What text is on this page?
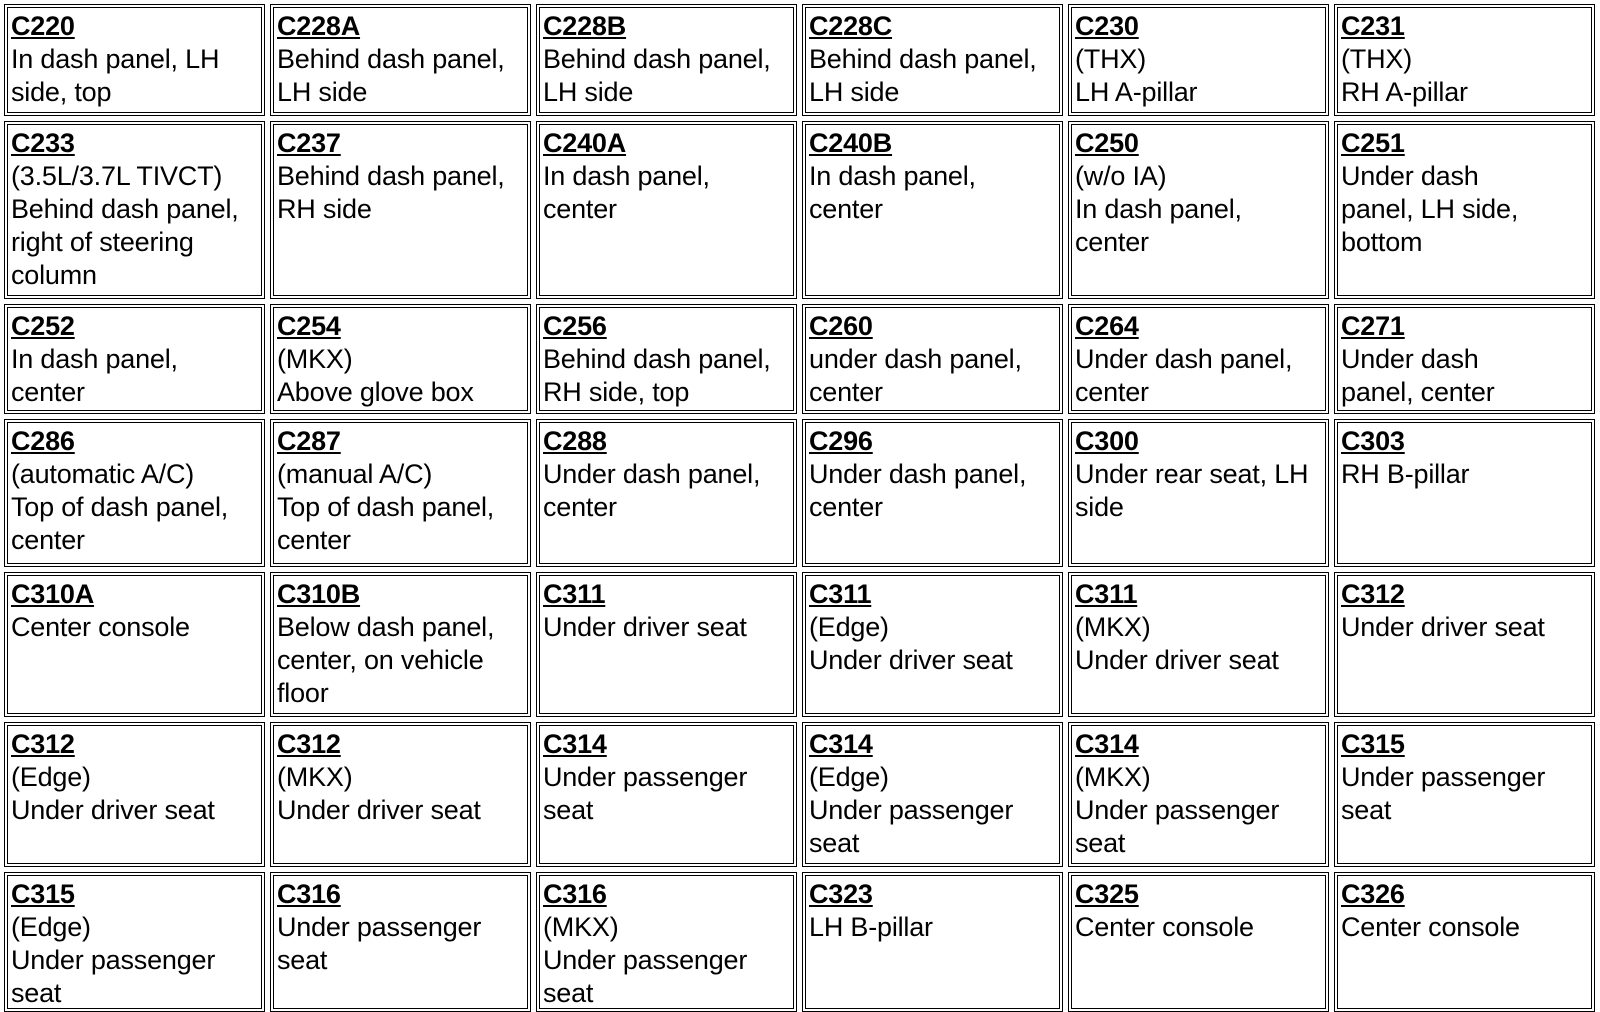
C220
In dash panel, LH
side, top
C228A
Behind dash panel,
LH side
C228B
Behind dash panel,
LH side
C228C
Behind dash panel,
LH side
C230
(THX)
LH A-pillar
C231
(THX)
RH A-pillar
C233
(3.5L/3.7L TIVCT)
Behind dash panel,
right of steering
column
C237
Behind dash panel,
RH side
C240A
In dash panel,
center
C240B
In dash panel,
center
C250
(w/o IA)
In dash panel,
center
C251
Under dash
panel, LH side,
bottom
C252
In dash panel,
center
C254
(MKX)
Above glove box
C256
Behind dash panel,
RH side, top
C260
under dash panel,
center
C264
Under dash panel,
center
C271
Under dash
panel, center
C286
(automatic A/C)
Top of dash panel,
center
C287
(manual A/C)
Top of dash panel,
center
C288
Under dash panel,
center
C296
Under dash panel,
center
C300
Under rear seat, LH
side
C303
RH B-pillar
C310A
Center console
C310B
Below dash panel,
center, on vehicle
floor
C311
Under driver seat
C311
(Edge)
Under driver seat
C311
(MKX)
Under driver seat
C312
Under driver seat
C312
(Edge)
Under driver seat
C312
(MKX)
Under driver seat
C314
Under passenger
seat
C314
(Edge)
Under passenger
seat
C314
(MKX)
Under passenger
seat
C315
Under passenger
seat
C315
(Edge)
Under passenger
seat
C316
Under passenger
seat
C316
(MKX)
Under passenger
seat
C323
LH B-pillar
C325
Center console
C326
Center console
